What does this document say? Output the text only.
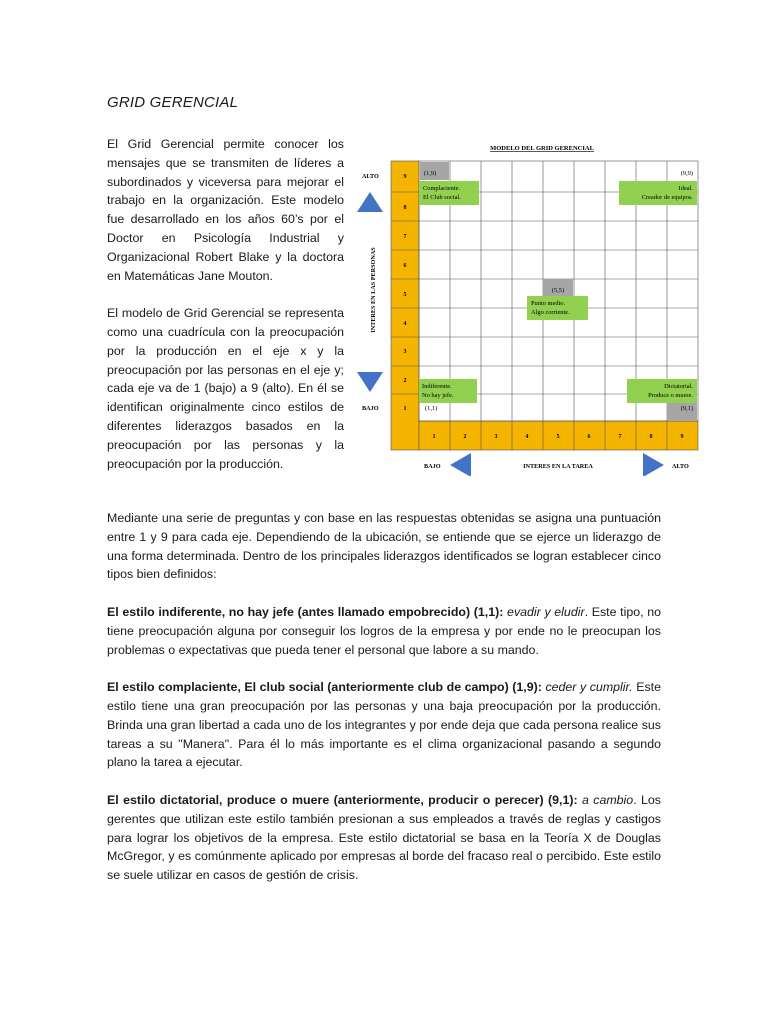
GRID GERENCIAL

El Grid Gerencial permite conocer los mensajes que se transmiten de líderes a subordinados y viceversa para mejorar el trabajo en la organización. Este modelo fue desarrollado en los años 60’s por el Doctor en Psicología Industrial y Organizacional Robert Blake y la doctora en Matemáticas Jane Mouton.

El modelo de Grid Gerencial se representa como una cuadrícula con la preocupación por la producción en el eje x y la preocupación por las personas en el eje y; cada eje va de 1 (bajo) a 9 (alto). En él se identifican originalmente cinco estilos de diferentes liderazgos basados en la preocupación por las personas y la preocupación por la producción.

MODELO DEL GRID GERENCIAL
9
8
7
6
5
4
3
2
1
1	2	3	4	5	6	7	8	9
ALTO
BAJO
INTERES EN LAS PERSONAS
BAJO	INTERES EN LA TAREA	ALTO
(1,9)
Complaciente.
El Club social.
(9,9)
Ideal.
Creador de equipos.
(5,5)
Punto medio.
Algo corriente.
Indiferente.
No hay jefe.
(1,1)
Dictatorial.
Produce o muere.
(9,1)

Mediante una serie de preguntas y con base en las respuestas obtenidas se asigna una puntuación entre 1 y 9 para cada eje. Dependiendo de la ubicación, se entiende que se ejerce un liderazgo de una forma determinada. Dentro de los principales liderazgos identificados se logran establecer cinco tipos bien definidos:

El estilo indiferente, no hay jefe (antes llamado empobrecido) (1,1): evadir y eludir. Este tipo, no tiene preocupación alguna por conseguir los logros de la empresa y por ende no le preocupan los problemas o expectativas que pueda tener el personal que labore a su mando.

El estilo complaciente, El club social (anteriormente club de campo) (1,9): ceder y cumplir. Este estilo tiene una gran preocupación por las personas y una baja preocupación por la producción. Brinda una gran libertad a cada uno de los integrantes y por ende deja que cada persona realice sus tareas a su "Manera". Para él lo más importante es el clima organizacional pasando a segundo plano la tarea a ejecutar.

El estilo dictatorial, produce o muere (anteriormente, producir o perecer) (9,1): a cambio. Los gerentes que utilizan este estilo también presionan a sus empleados a través de reglas y castigos para lograr los objetivos de la empresa. Este estilo dictatorial se basa en la Teoría X de Douglas McGregor, y es comúnmente aplicado por empresas al borde del fracaso real o percibido. Este estilo se suele utilizar en casos de gestión de crisis.
